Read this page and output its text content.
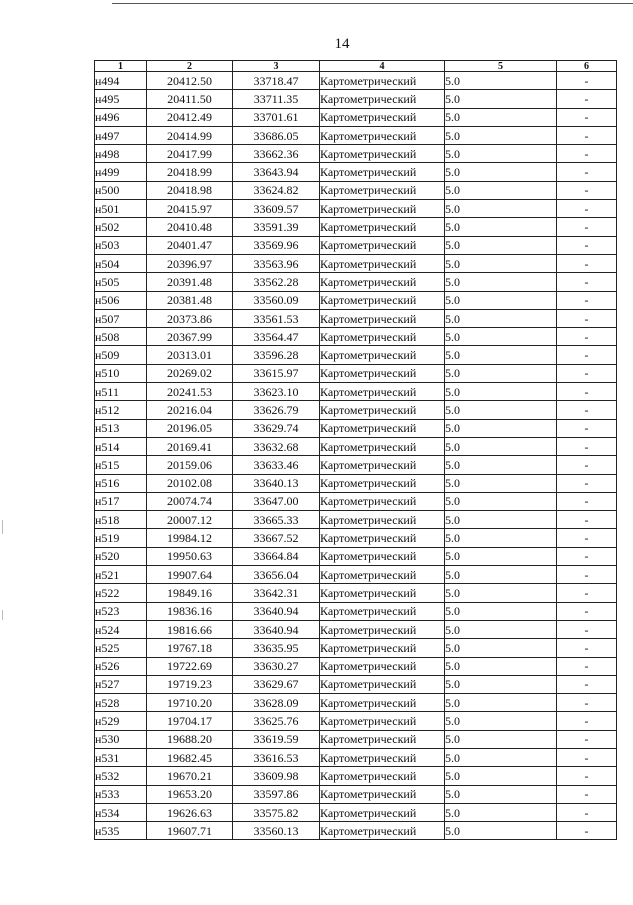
14
1	2	3	4	5	6
н494	20412.50	33718.47	Картометрический	5.0	-
н495	20411.50	33711.35	Картометрический	5.0	-
н496	20412.49	33701.61	Картометрический	5.0	-
н497	20414.99	33686.05	Картометрический	5.0	-
н498	20417.99	33662.36	Картометрический	5.0	-
н499	20418.99	33643.94	Картометрический	5.0	-
н500	20418.98	33624.82	Картометрический	5.0	-
н501	20415.97	33609.57	Картометрический	5.0	-
н502	20410.48	33591.39	Картометрический	5.0	-
н503	20401.47	33569.96	Картометрический	5.0	-
н504	20396.97	33563.96	Картометрический	5.0	-
н505	20391.48	33562.28	Картометрический	5.0	-
н506	20381.48	33560.09	Картометрический	5.0	-
н507	20373.86	33561.53	Картометрический	5.0	-
н508	20367.99	33564.47	Картометрический	5.0	-
н509	20313.01	33596.28	Картометрический	5.0	-
н510	20269.02	33615.97	Картометрический	5.0	-
н511	20241.53	33623.10	Картометрический	5.0	-
н512	20216.04	33626.79	Картометрический	5.0	-
н513	20196.05	33629.74	Картометрический	5.0	-
н514	20169.41	33632.68	Картометрический	5.0	-
н515	20159.06	33633.46	Картометрический	5.0	-
н516	20102.08	33640.13	Картометрический	5.0	-
н517	20074.74	33647.00	Картометрический	5.0	-
н518	20007.12	33665.33	Картометрический	5.0	-
н519	19984.12	33667.52	Картометрический	5.0	-
н520	19950.63	33664.84	Картометрический	5.0	-
н521	19907.64	33656.04	Картометрический	5.0	-
н522	19849.16	33642.31	Картометрический	5.0	-
н523	19836.16	33640.94	Картометрический	5.0	-
н524	19816.66	33640.94	Картометрический	5.0	-
н525	19767.18	33635.95	Картометрический	5.0	-
н526	19722.69	33630.27	Картометрический	5.0	-
н527	19719.23	33629.67	Картометрический	5.0	-
н528	19710.20	33628.09	Картометрический	5.0	-
н529	19704.17	33625.76	Картометрический	5.0	-
н530	19688.20	33619.59	Картометрический	5.0	-
н531	19682.45	33616.53	Картометрический	5.0	-
н532	19670.21	33609.98	Картометрический	5.0	-
н533	19653.20	33597.86	Картометрический	5.0	-
н534	19626.63	33575.82	Картометрический	5.0	-
н535	19607.71	33560.13	Картометрический	5.0	-
